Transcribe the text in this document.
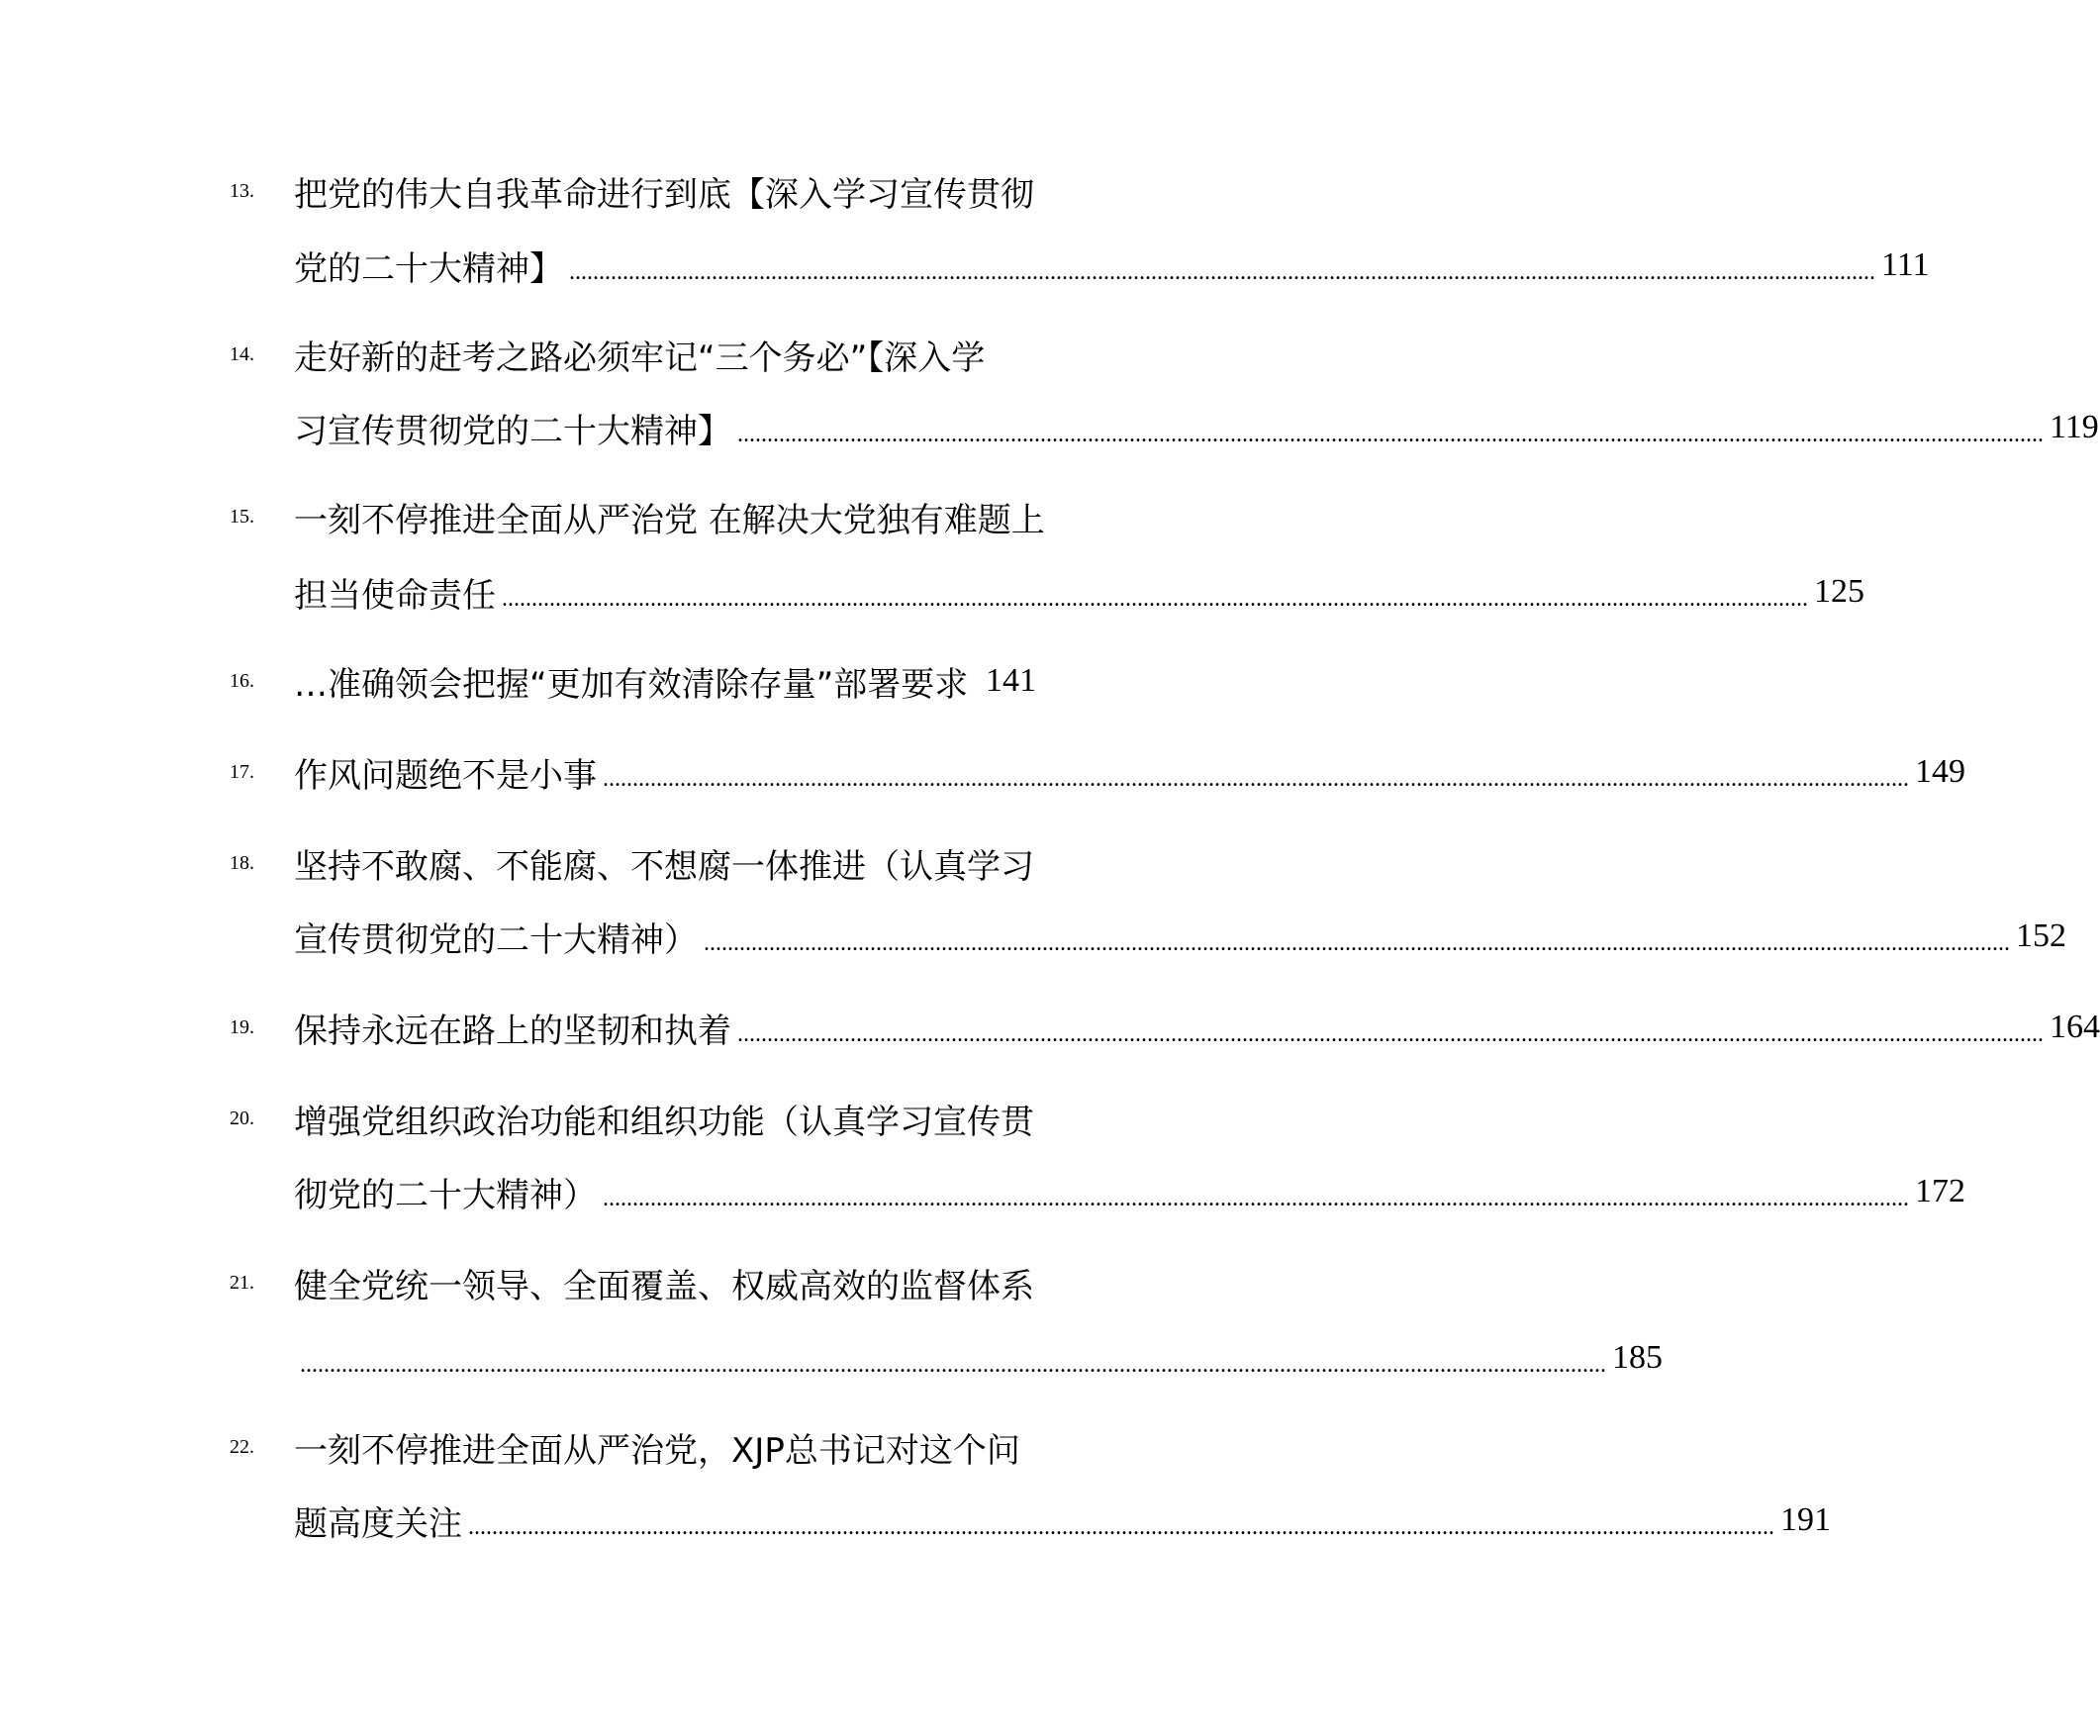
13.	把党的伟大自我革命进行到底【深入学习宣传贯彻
党的二十大精神】 ............................................................................................................................................................................................................................ 111
14.	走好新的赶考之路必须牢记“三个务必”【深入学
习宣传贯彻党的二十大精神】 ............................................................................................................................................................................................................................ 119
15.	一刻不停推进全面从严治党 在解决大党独有难题上
担当使命责任 ............................................................................................................................................................................................................................ 125
16.	…准确领会把握“更加有效清除存量”部署要求 141
17.	作风问题绝不是小事 ............................................................................................................................................................................................................................ 149
18.	坚持不敢腐、不能腐、不想腐一体推进（认真学习
宣传贯彻党的二十大精神） ............................................................................................................................................................................................................................ 152
19.	保持永远在路上的坚韧和执着 ............................................................................................................................................................................................................................ 164
20.	增强党组织政治功能和组织功能（认真学习宣传贯
彻党的二十大精神） ............................................................................................................................................................................................................................ 172
21.	健全党统一领导、全面覆盖、权威高效的监督体系
............................................................................................................................................................................................................................ 185
22.	一刻不停推进全面从严治党，XJP总书记对这个问
题高度关注 ............................................................................................................................................................................................................................ 191
